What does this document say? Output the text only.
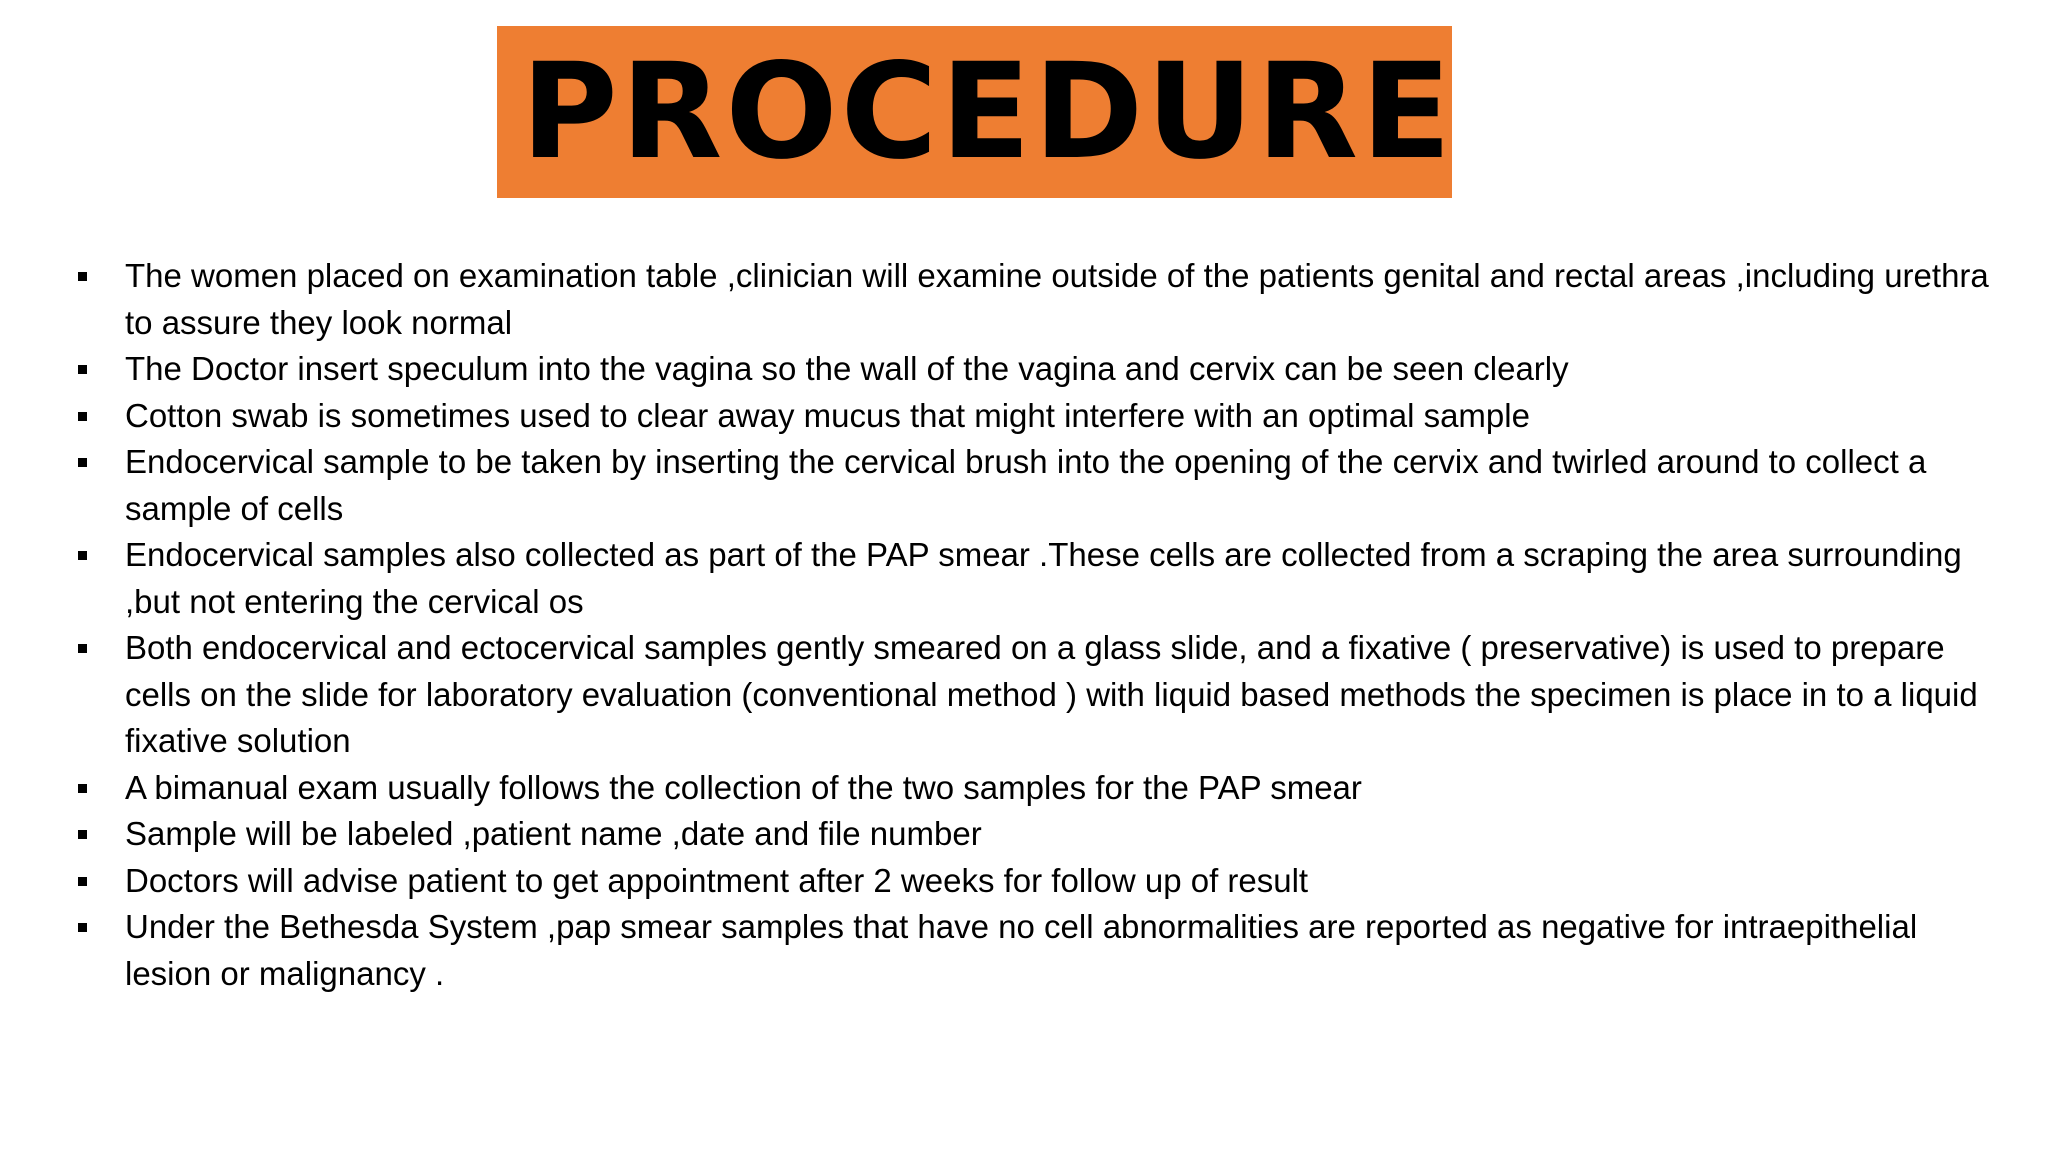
PROCEDURE
The women placed on examination table ,clinician will examine outside of the patients genital and rectal areas ,including urethra to assure they look normal
The Doctor insert speculum into the vagina so the wall of the vagina and cervix can be seen clearly
Cotton swab is sometimes used to clear away mucus that might interfere with an optimal sample
Endocervical sample to be taken by inserting the cervical brush into the opening of the cervix and twirled around to collect a sample of cells
Endocervical samples also collected as part of the PAP smear .These cells are collected from a scraping the area surrounding ,but not entering the cervical os
Both endocervical and ectocervical samples gently smeared on a glass slide, and a fixative ( preservative) is used to prepare cells on the slide for laboratory evaluation (conventional method ) with liquid based methods the specimen is place in to a liquid fixative solution
A bimanual exam usually follows the collection of the two samples for the PAP smear
Sample will be labeled ,patient name ,date and file number
Doctors will advise patient to get appointment after 2 weeks for follow up of result
Under the Bethesda System ,pap smear samples that have no cell abnormalities are reported as negative for intraepithelial lesion or malignancy .
